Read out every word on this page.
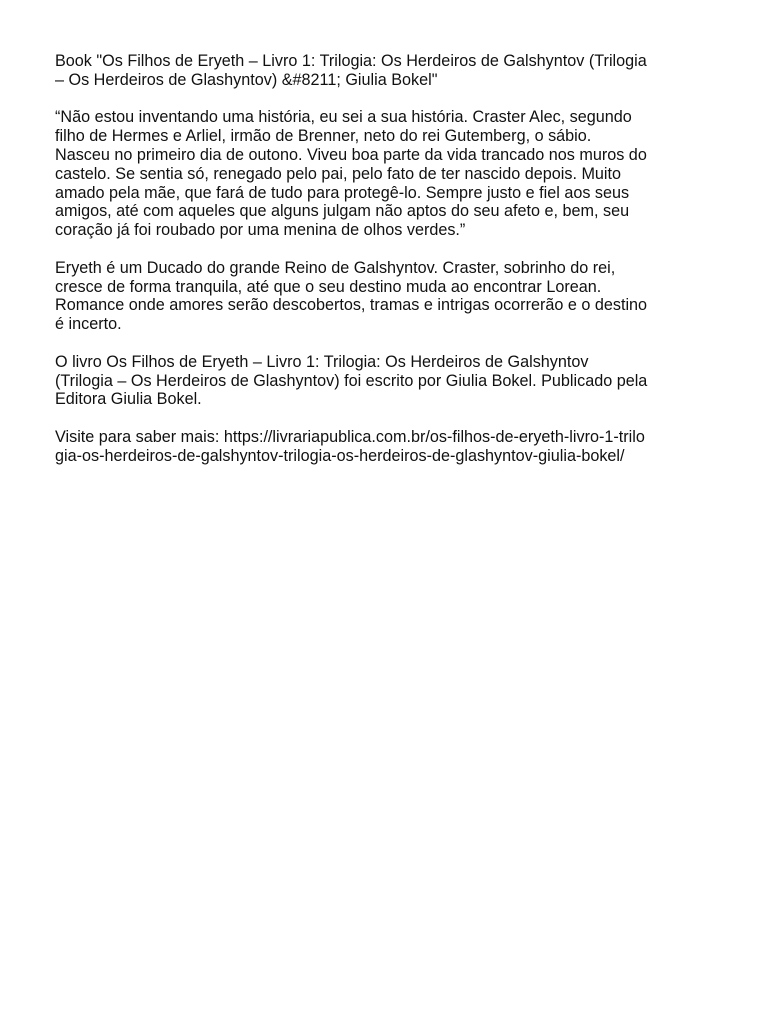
Book "Os Filhos de Eryeth – Livro 1: Trilogia: Os Herdeiros de Galshyntov (Trilogia
– Os Herdeiros de Glashyntov) &#8211; Giulia Bokel"

“Não estou inventando uma história, eu sei a sua história. Craster Alec, segundo
filho de Hermes e Arliel, irmão de Brenner, neto do rei Gutemberg, o sábio.
Nasceu no primeiro dia de outono. Viveu boa parte da vida trancado nos muros do
castelo. Se sentia só, renegado pelo pai, pelo fato de ter nascido depois. Muito
amado pela mãe, que fará de tudo para protegê-lo. Sempre justo e fiel aos seus
amigos, até com aqueles que alguns julgam não aptos do seu afeto e, bem, seu
coração já foi roubado por uma menina de olhos verdes.”

Eryeth é um Ducado do grande Reino de Galshyntov. Craster, sobrinho do rei,
cresce de forma tranquila, até que o seu destino muda ao encontrar Lorean.
Romance onde amores serão descobertos, tramas e intrigas ocorrerão e o destino
é incerto.

O livro Os Filhos de Eryeth – Livro 1: Trilogia: Os Herdeiros de Galshyntov
(Trilogia – Os Herdeiros de Glashyntov) foi escrito por Giulia Bokel. Publicado pela
Editora Giulia Bokel.

Visite para saber mais: https://livrariapublica.com.br/os-filhos-de-eryeth-livro-1-trilo
gia-os-herdeiros-de-galshyntov-trilogia-os-herdeiros-de-glashyntov-giulia-bokel/
